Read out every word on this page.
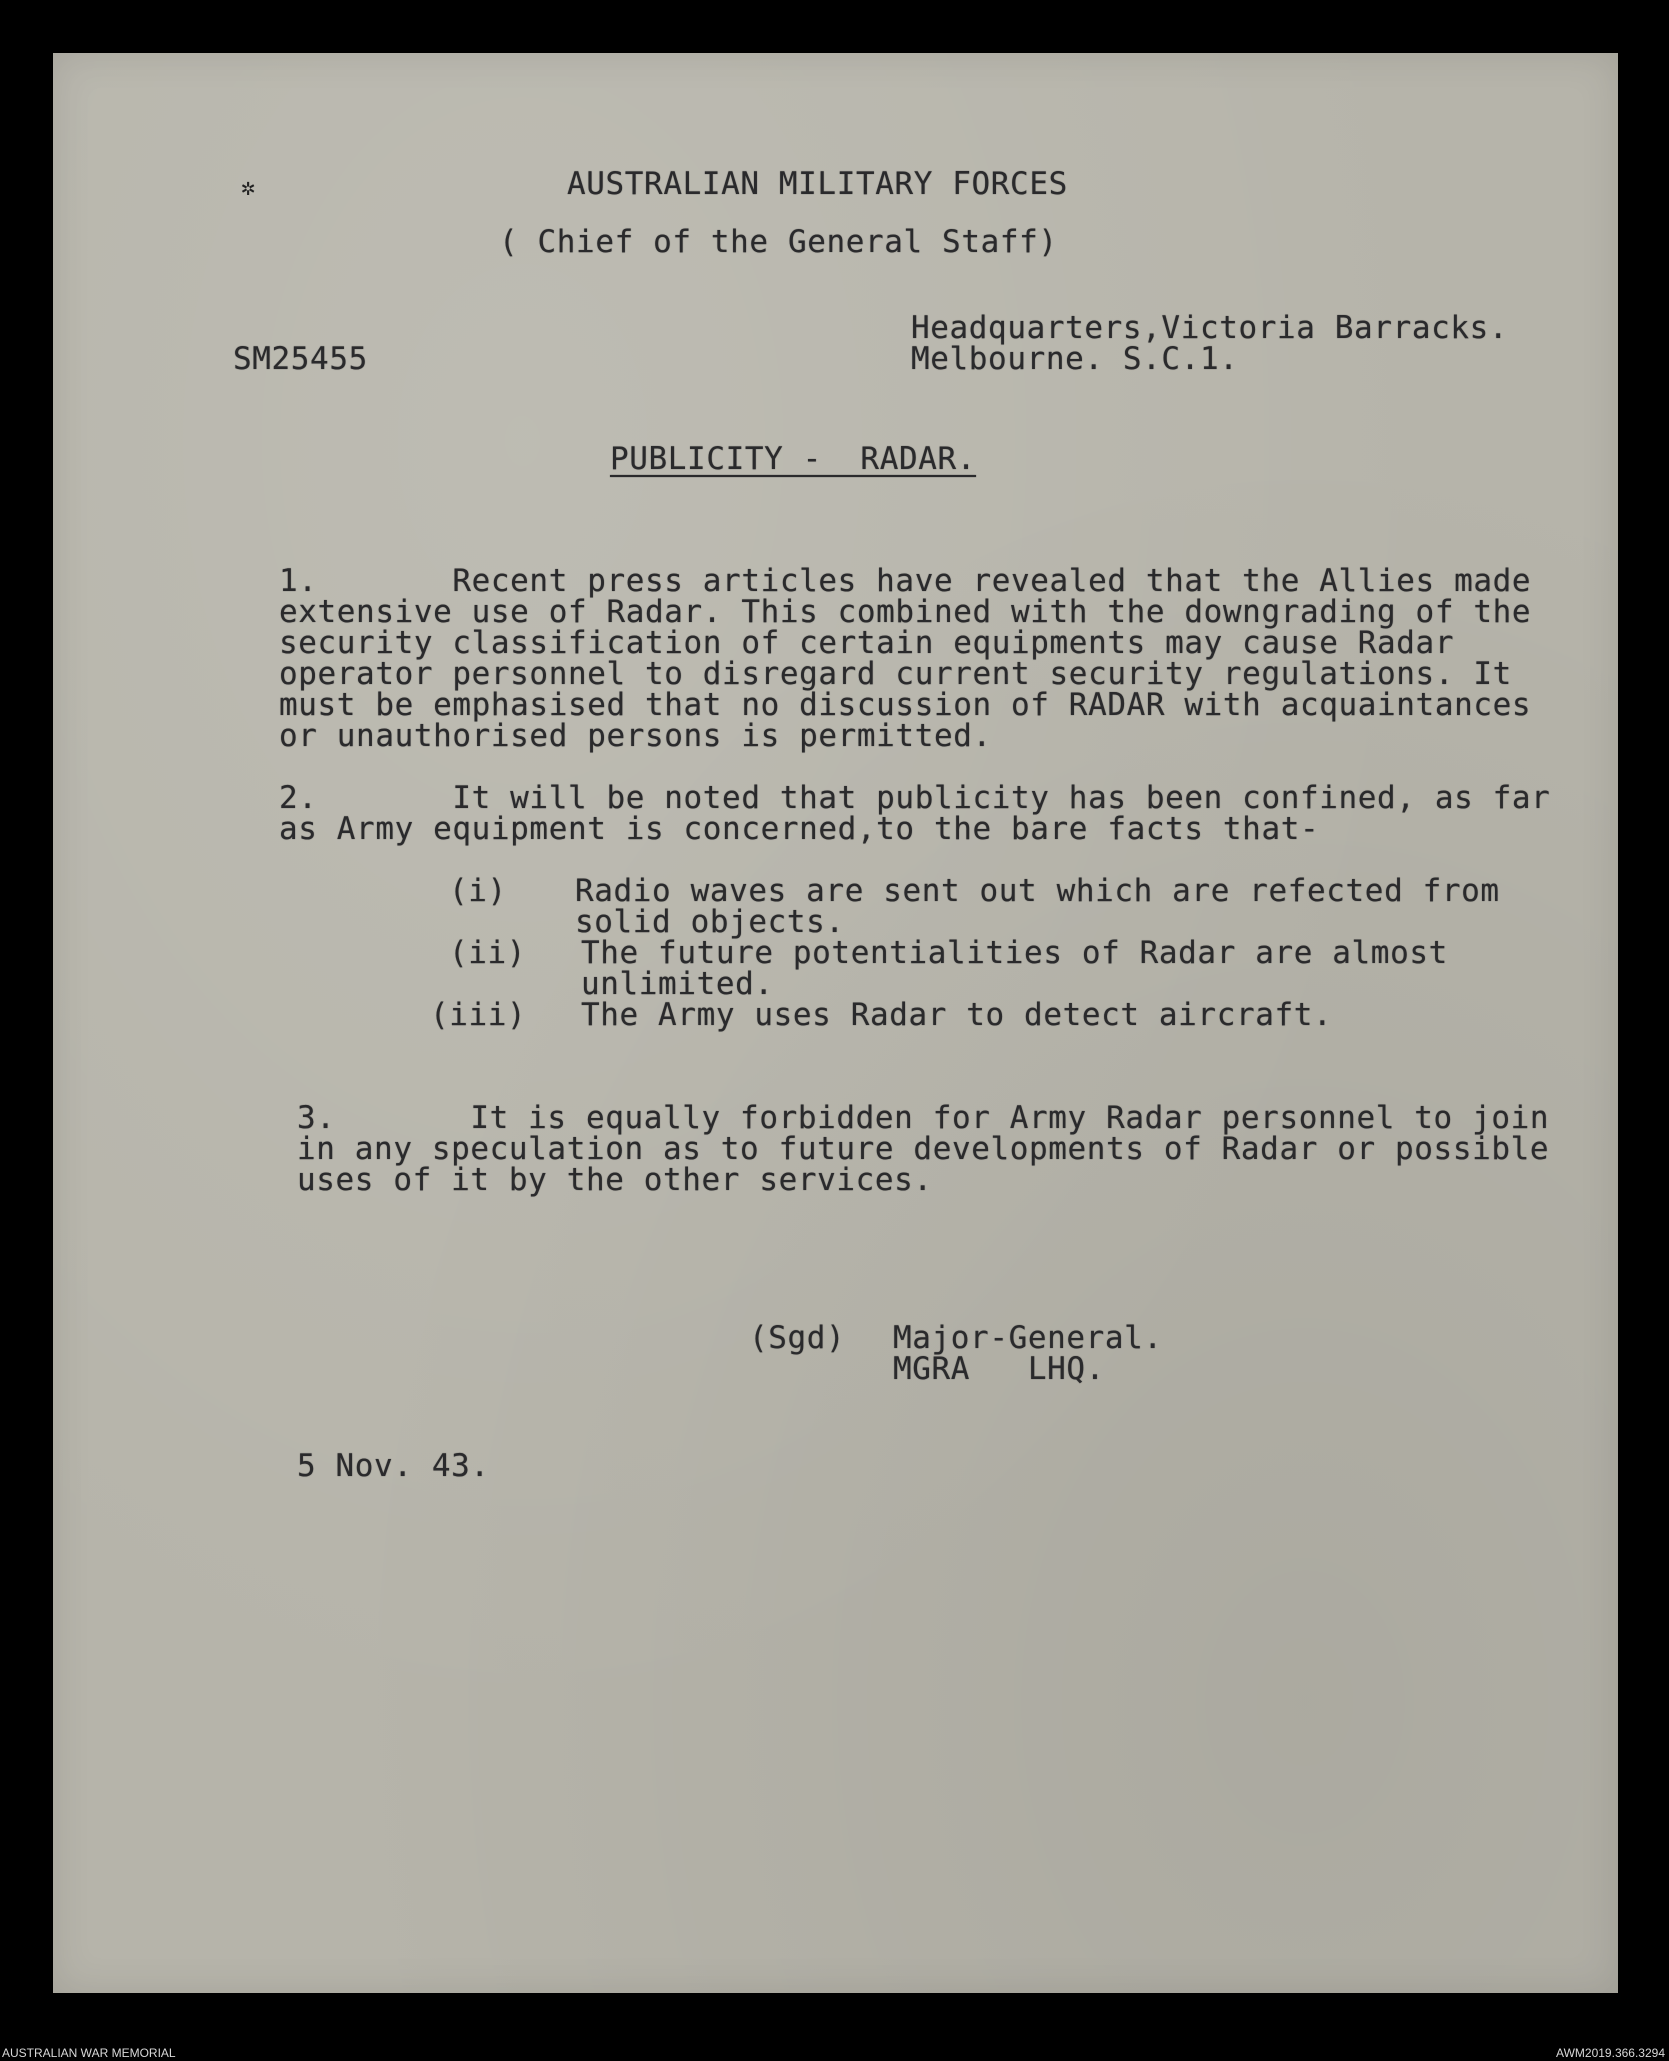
✲	AUSTRALIAN MILITARY FORCES
( Chief of the General Staff)
Headquarters,Victoria Barracks.
SM25455	Melbourne. S.C.1.
PUBLICITY -  RADAR.
1.       Recent press articles have revealed that the Allies made
extensive use of Radar. This combined with the downgrading of the
security classification of certain equipments may cause Radar
operator personnel to disregard current security regulations. It
must be emphasised that no discussion of RADAR with acquaintances
or unauthorised persons is permitted.
2.       It will be noted that publicity has been confined, as far
as Army equipment is concerned,to the bare facts that-
(i) Radio waves are sent out which are refected from
solid objects.
(ii) The future potentialities of Radar are almost
unlimited.
(iii) The Army uses Radar to detect aircraft.
3.       It is equally forbidden for Army Radar personnel to join
in any speculation as to future developments of Radar or possible
uses of it by the other services.
(Sgd) Major-General.
MGRA   LHQ.
5 Nov. 43.
AUSTRALIAN WAR MEMORIAL	AWM2019.366.3294
